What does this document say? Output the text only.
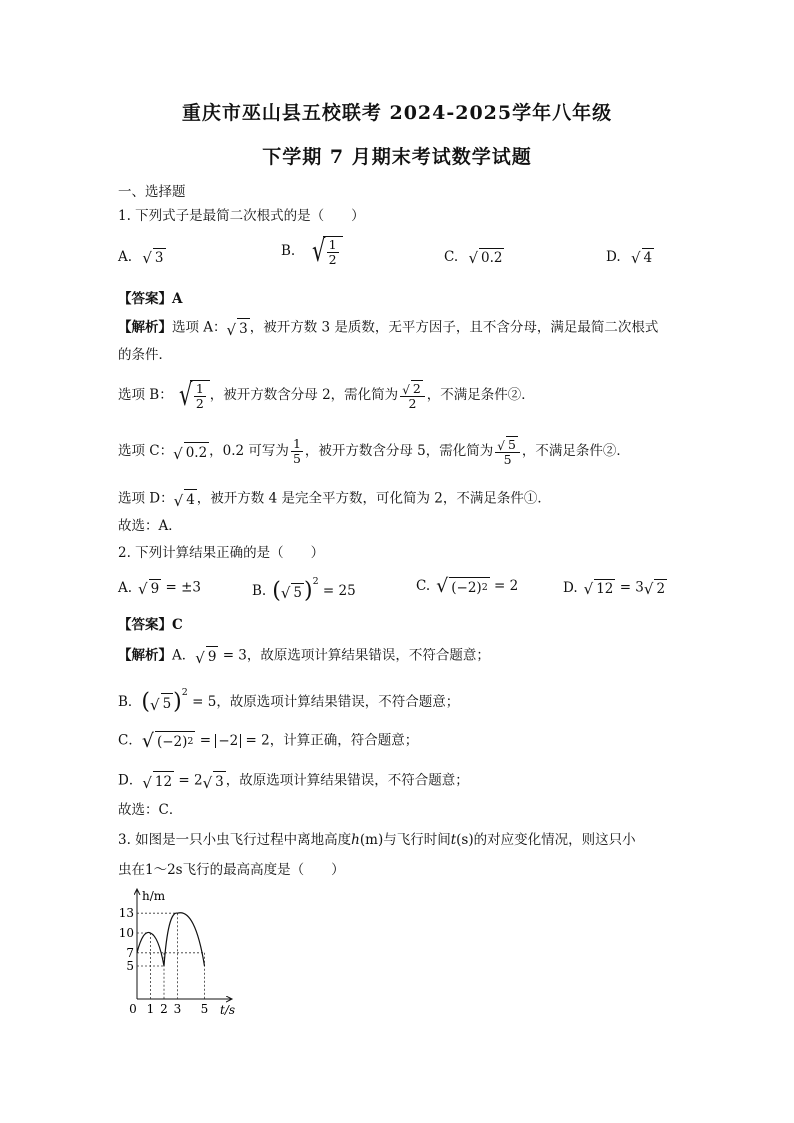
重庆市巫山县五校联考 2024-2025学年八年级
下学期 7 月期末考试数学试题
一、选择题
1. 下列式子是最简二次根式的是（　　）
A. √ 3	B. √ $\frac{1}{2}$	C. √ 0.2	D. √ 4
【答案】A
【解析】选项 A： √ 3 ，被开方数 3 是质数，无平方因子，且不含分母，满足最简二次根式
的条件．
选项 B： √ $\frac{1}{2}$ ，被开方数含分母 2，需化简为 $\frac{√ 2}{2}$ ，不满足条件②．
选项 C： √ 0.2 ，0.2 可写为 $\frac{1}{5}$ ，被开方数含分母 5，需化简为 $\frac{√ 5}{5}$ ，不满足条件②．
选项 D： √ 4 ，被开方数 4 是完全平方数，可化简为 2，不满足条件①．
故选：A．
2. 下列计算结果正确的是（　　）
A. √ 9 = ±3	B. ( √ 5 )$^2$ = 25	C. √ (−2) 2 = 2	D. √ 12 = 3 √ 2
【答案】C
【解析】A． √ 9 = 3，故原选项计算结果错误，不符合题意；
B．( √ 5 )$^2$ = 5，故原选项计算结果错误，不符合题意；
C． √ (−2) 2 = −2 = 2，计算正确，符合题意；
D． √ 12 = 2 √ 3 ，故原选项计算结果错误，不符合题意；
故选：C．
3. 如图是一只小虫飞行过程中离地高度h(m)与飞行时间t(s)的对应变化情况，则这只小
虫在1～2s飞行的最高高度是（　　）
13
10
7
5
0 1 2 3 5
h/m
t/s
